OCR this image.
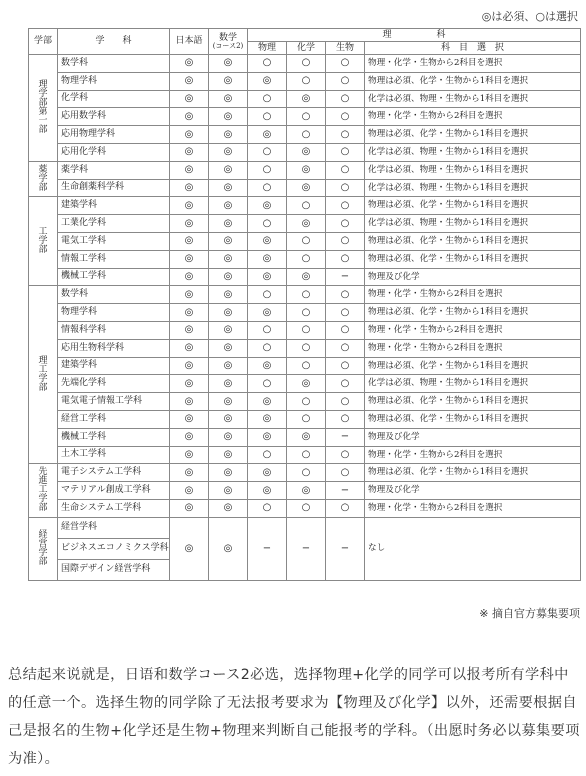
◎は必須、○は選択
学部	学　　科	日本語	数学
(コース2)	理　　　　　科			
				物理	化学	生物	科　目　選　択

理学部第一部	数学科	◎	◎	○	○	○	物理・化学・生物から2科目を選択
	物理学科	◎	◎	◎	○	○	物理は必須、化学・生物から1科目を選択
	化学科	◎	◎	○	◎	○	化学は必須、物理・生物から1科目を選択
	応用数学科	◎	◎	○	○	○	物理・化学・生物から2科目を選択
	応用物理学科	◎	◎	◎	○	○	物理は必須、化学・生物から1科目を選択
	応用化学科	◎	◎	○	◎	○	化学は必須、物理・生物から1科目を選択

薬学部	薬学科	◎	◎	○	◎	○	化学は必須、物理・生物から1科目を選択
	生命創薬科学科	◎	◎	○	◎	○	化学は必須、物理・生物から1科目を選択

工学部	建築学科	◎	◎	◎	○	○	物理は必須、化学・生物から1科目を選択
	工業化学科	◎	◎	○	◎	○	化学は必須、物理・生物から1科目を選択
	電気工学科	◎	◎	◎	○	○	物理は必須、化学・生物から1科目を選択
	情報工学科	◎	◎	◎	○	○	物理は必須、化学・生物から1科目を選択
	機械工学科	◎	◎	◎	◎	−	物理及び化学

理工学部	数学科	◎	◎	○	○	○	物理・化学・生物から2科目を選択
	物理学科	◎	◎	◎	○	○	物理は必須、化学・生物から1科目を選択
	情報科学科	◎	◎	○	○	○	物理・化学・生物から2科目を選択
	応用生物科学科	◎	◎	○	○	○	物理・化学・生物から2科目を選択
	建築学科	◎	◎	◎	○	○	物理は必須、化学・生物から1科目を選択
	先端化学科	◎	◎	○	◎	○	化学は必須、物理・生物から1科目を選択
	電気電子情報工学科	◎	◎	◎	○	○	物理は必須、化学・生物から1科目を選択
	経営工学科	◎	◎	◎	○	○	物理は必須、化学・生物から1科目を選択
	機械工学科	◎	◎	◎	◎	−	物理及び化学
	土木工学科	◎	◎	○	○	○	物理・化学・生物から2科目を選択

先進工学部	電子システム工学科	◎	◎	◎	○	○	物理は必須、化学・生物から1科目を選択
	マテリアル創成工学科	◎	◎	◎	◎	−	物理及び化学
	生命システム工学科	◎	◎	○	○	○	物理・化学・生物から2科目を選択

経営学部	経営学科	◎	◎	−	−	−	なし
	ビジネスエコノミクス学科						
	国際デザイン経営学科						
※ 摘自官方募集要项
总结起来说就是，日语和数学コース2必选，选择物理+化学的同学可以报考所有学科中的任意一个。选择生物的同学除了无法报考要求为【物理及び化学】以外，还需要根据自己是报名的生物+化学还是生物+物理来判断自己能报考的学科。（出愿时务必以募集要项为准）。
